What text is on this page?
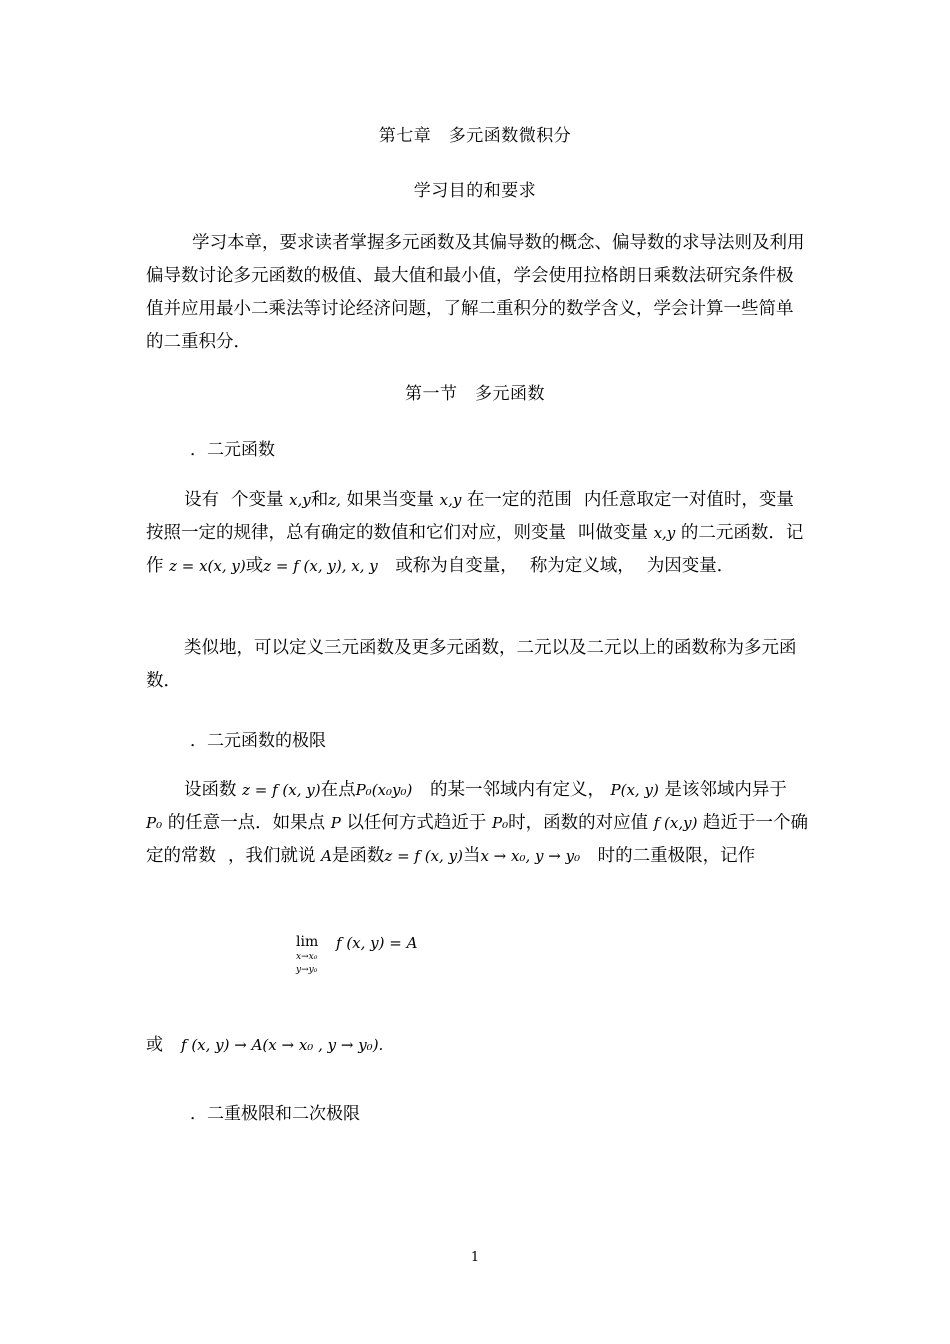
第七章　多元函数微积分
学习目的和要求

学习本章，要求读者掌握多元函数及其偏导数的概念、偏导数的求导法则及利用偏导数讨论多元函数的极值、最大值和最小值，学会使用拉格朗日乘数法研究条件极值并应用最小二乘法等讨论经济问题，了解二重积分的数学含义，学会计算一些简单的二重积分．

第一节　多元函数
．二元函数

设有 个变量 x,y和z, 如果当变量 x,y 在一定的范围 内任意取定一对值时，变量按照一定的规律，总有确定的数值和它们对应，则变量 叫做变量 x,y 的二元函数．记作 z = x(x, y)或z = f (x, y), x, y 或称为自变量， 称为定义域， 为因变量．

类似地，可以定义三元函数及更多元函数，二元以及二元以上的函数称为多元函数．

．二元函数的极限

设函数 z = f (x, y)在点P₀(x₀y₀) 的某一邻域内有定义， P(x, y) 是该邻域内异于 P₀ 的任意一点．如果点 P 以任何方式趋近于 P₀时，函数的对应值 f (x,y) 趋近于一个确定的常数 ，我们就说 A是函数z = f (x, y)当x → x₀, y → y₀ 时的二重极限，记作

lim
x→x₀
y→y₀
f (x, y) = A
或 f (x, y) → A(x → x₀ , y → y₀).
．二重极限和二次极限
1
